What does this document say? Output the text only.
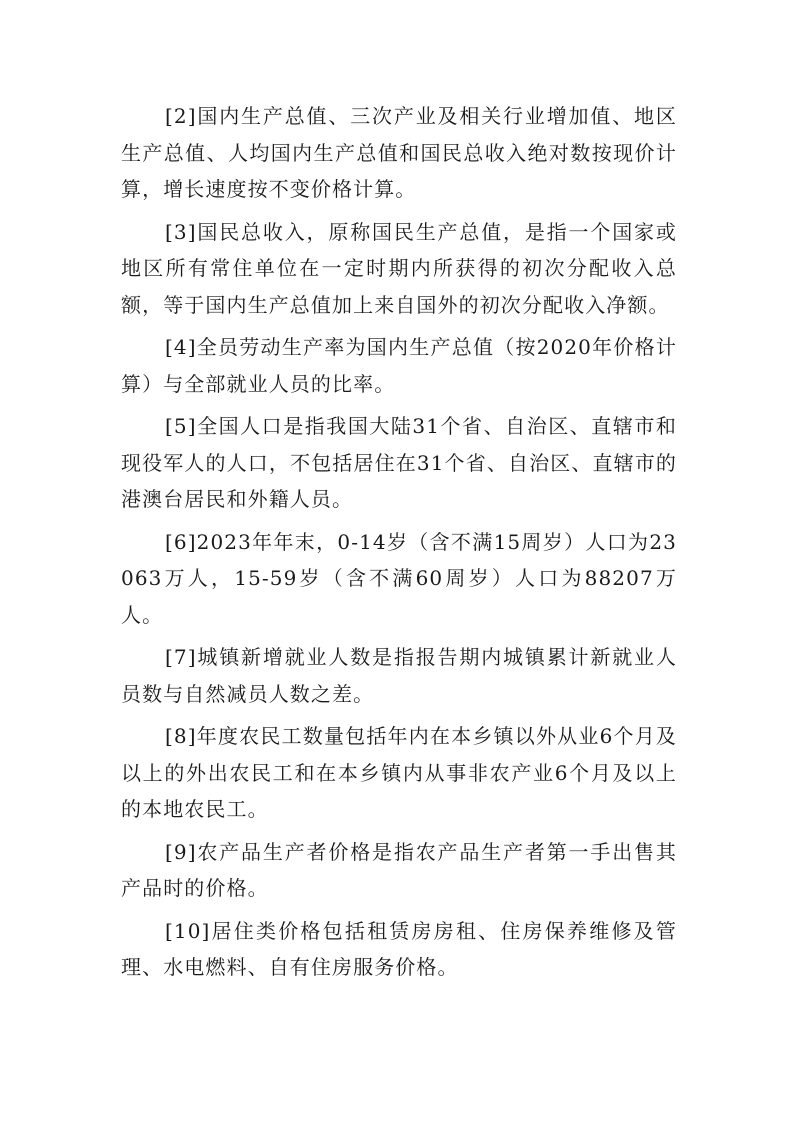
[2]国内生产总值、三次产业及相关行业增加值、地区生产总值、人均国内生产总值和国民总收入绝对数按现价计算，增长速度按不变价格计算。

[3]国民总收入，原称国民生产总值，是指一个国家或地区所有常住单位在一定时期内所获得的初次分配收入总额，等于国内生产总值加上来自国外的初次分配收入净额。

[4]全员劳动生产率为国内生产总值（按2020年价格计算）与全部就业人员的比率。

[5]全国人口是指我国大陆31个省、自治区、直辖市和现役军人的人口，不包括居住在31个省、自治区、直辖市的港澳台居民和外籍人员。

[6]2023年年末，0-14岁（含不满15周岁）人口为23063万人，15-59岁（含不满60周岁）人口为88207万人。

[7]城镇新增就业人数是指报告期内城镇累计新就业人员数与自然减员人数之差。

[8]年度农民工数量包括年内在本乡镇以外从业6个月及以上的外出农民工和在本乡镇内从事非农产业6个月及以上的本地农民工。

[9]农产品生产者价格是指农产品生产者第一手出售其产品时的价格。

[10]居住类价格包括租赁房房租、住房保养维修及管理、水电燃料、自有住房服务价格。
